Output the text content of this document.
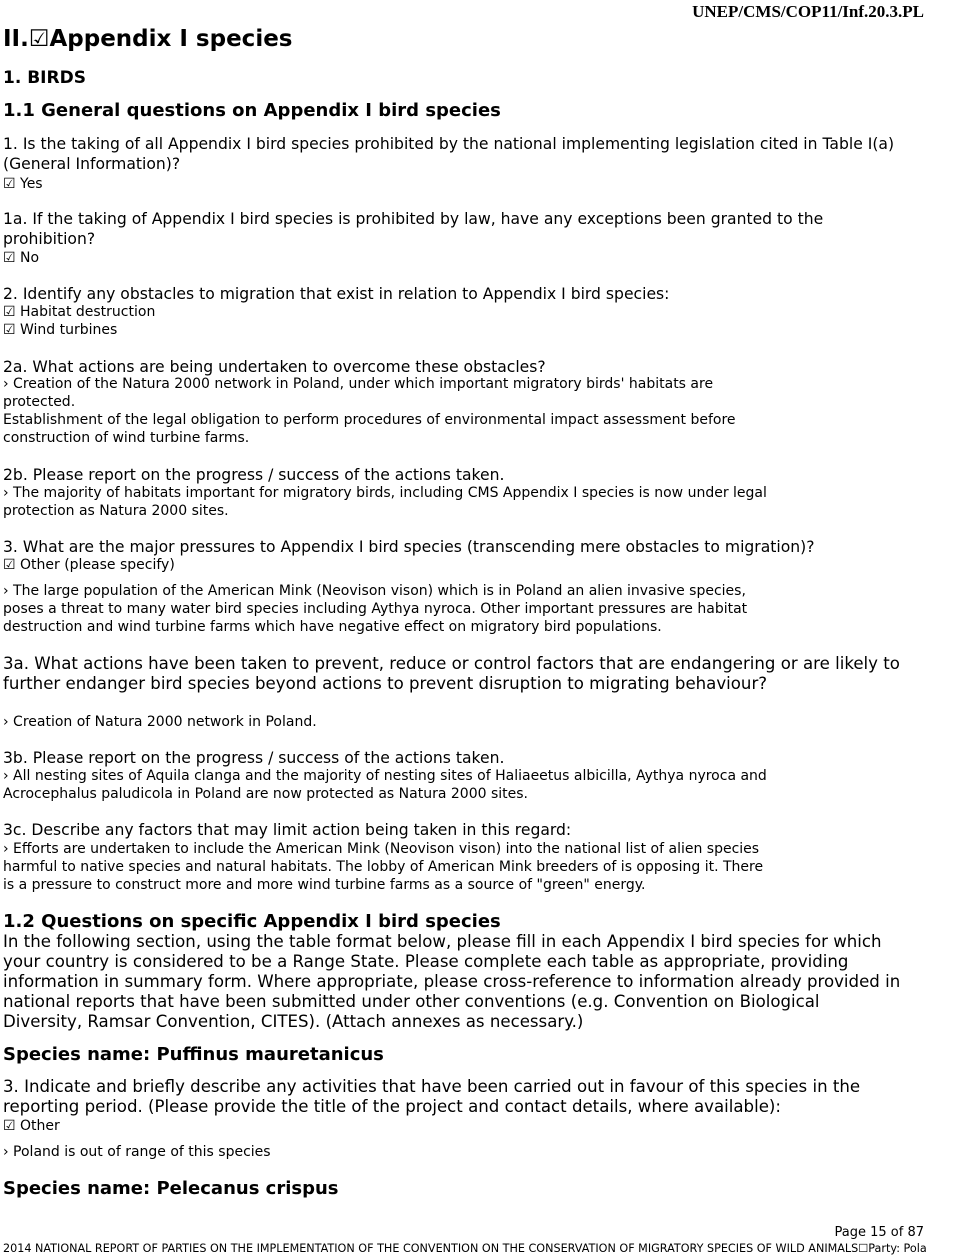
UNEP/CMS/COP11/Inf.20.3.PL
II.☑Appendix I species
1. BIRDS
1.1 General questions on Appendix I bird species
1. Is the taking of all Appendix I bird species prohibited by the national implementing legislation cited in Table I(a) (General Information)?
☑ Yes
1a. If the taking of Appendix I bird species is prohibited by law, have any exceptions been granted to the prohibition?
☑ No
2. Identify any obstacles to migration that exist in relation to Appendix I bird species:
☑ Habitat destruction
☑ Wind turbines
2a. What actions are being undertaken to overcome these obstacles?

› Creation of the Natura 2000 network in Poland, under which important migratory birds' habitats are protected.

Establishment of the legal obligation to perform procedures of environmental impact assessment before construction of wind turbine farms.

2b. Please report on the progress / success of the actions taken.
› The majority of habitats important for migratory birds, including CMS Appendix I species is now under legal protection as Natura 2000 sites.
3. What are the major pressures to Appendix I bird species (transcending mere obstacles to migration)?
☑ Other (please specify)
› The large population of the American Mink (Neovison vison) which is in Poland an alien invasive species,
poses a threat to many water bird species including Aythya nyroca. Other important pressures are habitat
destruction and wind turbine farms which have negative effect on migratory bird populations.
3a. What actions have been taken to prevent, reduce or control factors that are endangering or are likely to further endanger bird species beyond actions to prevent disruption to migrating behaviour?
› Creation of Natura 2000 network in Poland.
3b. Please report on the progress / success of the actions taken.
› All nesting sites of Aquila clanga and the majority of nesting sites of Haliaeetus albicilla, Aythya nyroca and Acrocephalus paludicola in Poland are now protected as Natura 2000 sites.
3c. Describe any factors that may limit action being taken in this regard:
› Efforts are undertaken to include the American Mink (Neovison vison) into the national list of alien species
harmful to native species and natural habitats. The lobby of American Mink breeders of is opposing it. There
is a pressure to construct more and more wind turbine farms as a source of "green" energy.
1.2 Questions on specific Appendix I bird species
In the following section, using the table format below, please fill in each Appendix I bird species for which your country is considered to be a Range State. Please complete each table as appropriate, providing information in summary form. Where appropriate, please cross-reference to information already provided in national reports that have been submitted under other conventions (e.g. Convention on Biological Diversity, Ramsar Convention, CITES). (Attach annexes as necessary.)
Species name: Puffinus mauretanicus
3. Indicate and briefly describe any activities that have been carried out in favour of this species in the reporting period. (Please provide the title of the project and contact details, where available):
☑ Other
› Poland is out of range of this species
Species name: Pelecanus crispus
Page 15 of 87
2014 NATIONAL REPORT OF PARTIES ON THE IMPLEMENTATION OF THE CONVENTION ON THE CONSERVATION OF MIGRATORY SPECIES OF WILD ANIMALS☐Party: Pola
